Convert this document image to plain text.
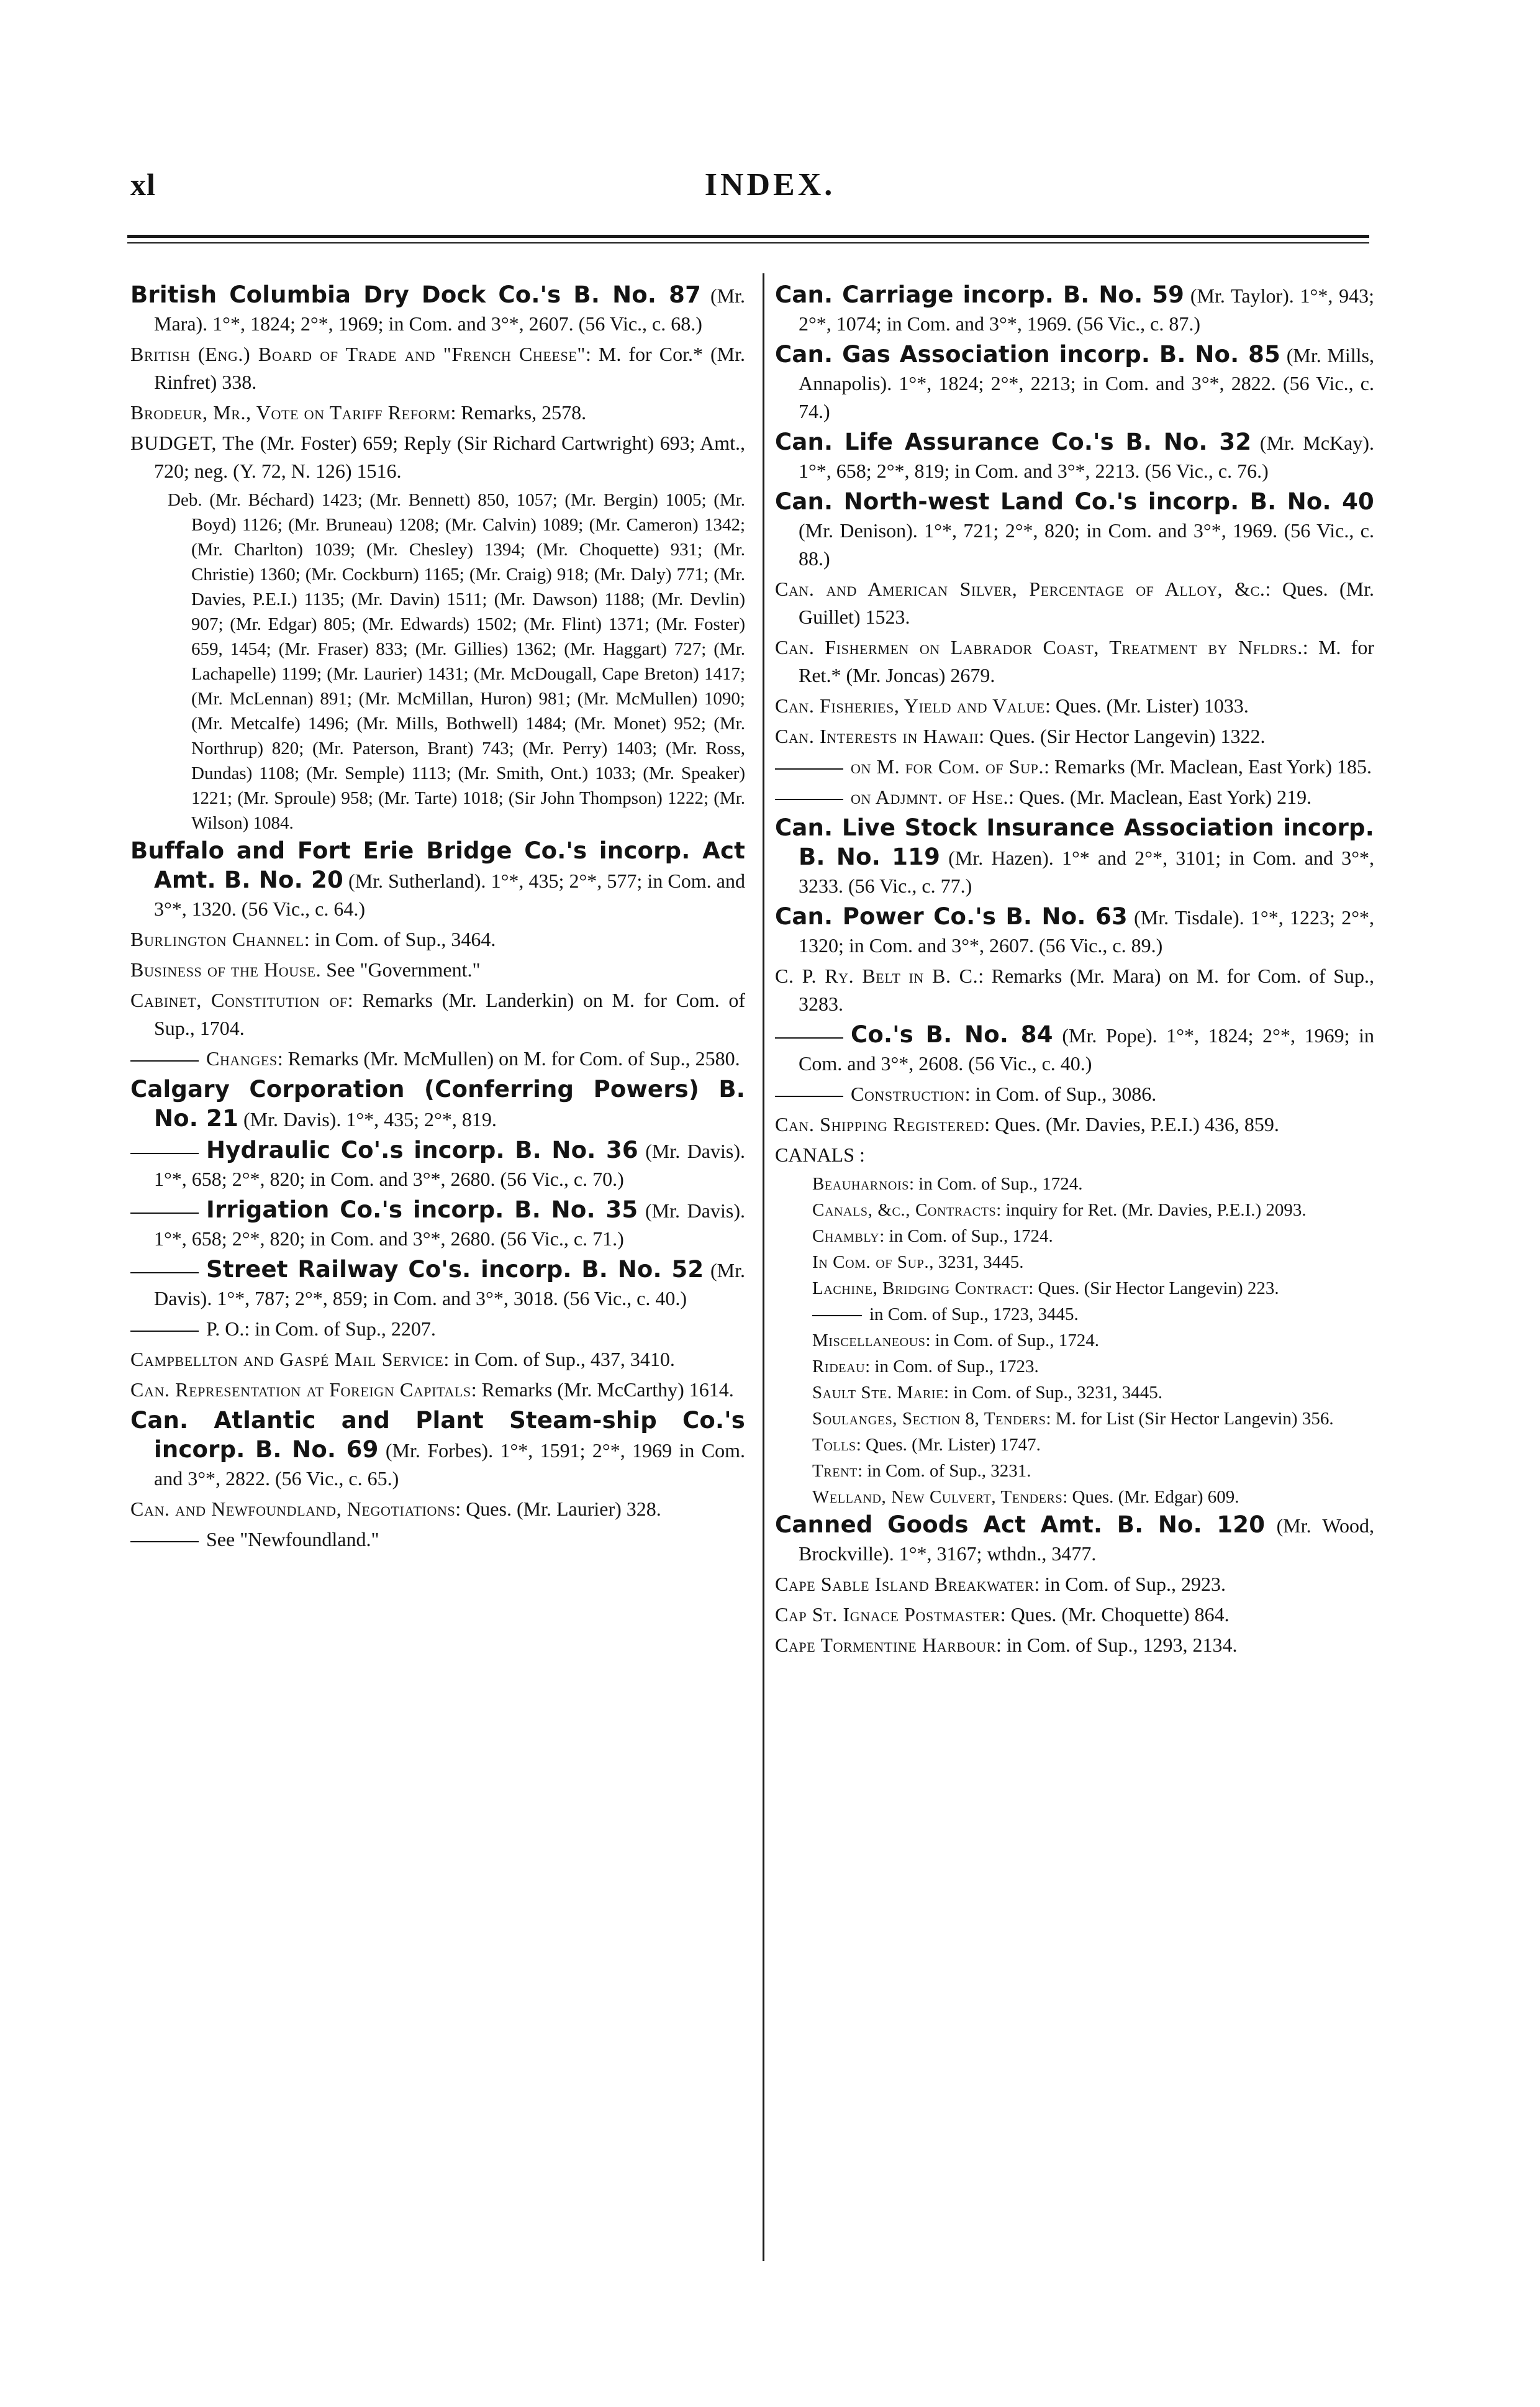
xl	INDEX.

British Columbia Dry Dock Co.'s B. No. 87 (Mr. Mara). 1°*, 1824; 2°*, 1969; in Com. and 3°*, 2607. (56 Vic., c. 68.)

British (Eng.) Board of Trade and "French Cheese": M. for Cor.* (Mr. Rinfret) 338.

Brodeur, Mr., Vote on Tariff Reform: Remarks, 2578.

BUDGET, The (Mr. Foster) 659; Reply (Sir Richard Cartwright) 693; Amt., 720; neg. (Y. 72, N. 126) 1516.

Deb. (Mr. Béchard) 1423; (Mr. Bennett) 850, 1057; (Mr. Bergin) 1005; (Mr. Boyd) 1126; (Mr. Bruneau) 1208; (Mr. Calvin) 1089; (Mr. Cameron) 1342; (Mr. Charlton) 1039; (Mr. Chesley) 1394; (Mr. Choquette) 931; (Mr. Christie) 1360; (Mr. Cockburn) 1165; (Mr. Craig) 918; (Mr. Daly) 771; (Mr. Davies, P.E.I.) 1135; (Mr. Davin) 1511; (Mr. Dawson) 1188; (Mr. Devlin) 907; (Mr. Edgar) 805; (Mr. Edwards) 1502; (Mr. Flint) 1371; (Mr. Foster) 659, 1454; (Mr. Fraser) 833; (Mr. Gillies) 1362; (Mr. Haggart) 727; (Mr. Lachapelle) 1199; (Mr. Laurier) 1431; (Mr. McDougall, Cape Breton) 1417; (Mr. McLennan) 891; (Mr. McMillan, Huron) 981; (Mr. McMullen) 1090; (Mr. Metcalfe) 1496; (Mr. Mills, Bothwell) 1484; (Mr. Monet) 952; (Mr. Northrup) 820; (Mr. Paterson, Brant) 743; (Mr. Perry) 1403; (Mr. Ross, Dundas) 1108; (Mr. Semple) 1113; (Mr. Smith, Ont.) 1033; (Mr. Speaker) 1221; (Mr. Sproule) 958; (Mr. Tarte) 1018; (Sir John Thompson) 1222; (Mr. Wilson) 1084.

Buffalo and Fort Erie Bridge Co.'s incorp. Act Amt. B. No. 20 (Mr. Sutherland). 1°*, 435; 2°*, 577; in Com. and 3°*, 1320. (56 Vic., c. 64.)

Burlington Channel: in Com. of Sup., 3464.

Business of the House. See "Government."

Cabinet, Constitution of: Remarks (Mr. Landerkin) on M. for Com. of Sup., 1704.

Changes: Remarks (Mr. McMullen) on M. for Com. of Sup., 2580.

Calgary Corporation (Conferring Powers) B. No. 21 (Mr. Davis). 1°*, 435; 2°*, 819.

Hydraulic Co'.s incorp. B. No. 36 (Mr. Davis). 1°*, 658; 2°*, 820; in Com. and 3°*, 2680. (56 Vic., c. 70.)

Irrigation Co.'s incorp. B. No. 35 (Mr. Davis). 1°*, 658; 2°*, 820; in Com. and 3°*, 2680. (56 Vic., c. 71.)

Street Railway Co's. incorp. B. No. 52 (Mr. Davis). 1°*, 787; 2°*, 859; in Com. and 3°*, 3018. (56 Vic., c. 40.)

P. O.: in Com. of Sup., 2207.

Campbellton and Gaspé Mail Service: in Com. of Sup., 437, 3410.

Can. Representation at Foreign Capitals: Remarks (Mr. McCarthy) 1614.

Can. Atlantic and Plant Steam-ship Co.'s incorp. B. No. 69 (Mr. Forbes). 1°*, 1591; 2°*, 1969 in Com. and 3°*, 2822. (56 Vic., c. 65.)

Can. and Newfoundland, Negotiations: Ques. (Mr. Laurier) 328.

See "Newfoundland."

Can. Carriage incorp. B. No. 59 (Mr. Taylor). 1°*, 943; 2°*, 1074; in Com. and 3°*, 1969. (56 Vic., c. 87.)

Can. Gas Association incorp. B. No. 85 (Mr. Mills, Annapolis). 1°*, 1824; 2°*, 2213; in Com. and 3°*, 2822. (56 Vic., c. 74.)

Can. Life Assurance Co.'s B. No. 32 (Mr. McKay). 1°*, 658; 2°*, 819; in Com. and 3°*, 2213. (56 Vic., c. 76.)

Can. North-west Land Co.'s incorp. B. No. 40 (Mr. Denison). 1°*, 721; 2°*, 820; in Com. and 3°*, 1969. (56 Vic., c. 88.)

Can. and American Silver, Percentage of Alloy, &c.: Ques. (Mr. Guillet) 1523.

Can. Fishermen on Labrador Coast, Treatment by Nfldrs.: M. for Ret.* (Mr. Joncas) 2679.

Can. Fisheries, Yield and Value: Ques. (Mr. Lister) 1033.

Can. Interests in Hawaii: Ques. (Sir Hector Langevin) 1322.

on M. for Com. of Sup.: Remarks (Mr. Maclean, East York) 185.

on Adjmnt. of Hse.: Ques. (Mr. Maclean, East York) 219.

Can. Live Stock Insurance Association incorp. B. No. 119 (Mr. Hazen). 1°* and 2°*, 3101; in Com. and 3°*, 3233. (56 Vic., c. 77.)

Can. Power Co.'s B. No. 63 (Mr. Tisdale). 1°*, 1223; 2°*, 1320; in Com. and 3°*, 2607. (56 Vic., c. 89.)

C. P. Ry. Belt in B. C.: Remarks (Mr. Mara) on M. for Com. of Sup., 3283.

Co.'s B. No. 84 (Mr. Pope). 1°*, 1824; 2°*, 1969; in Com. and 3°*, 2608. (56 Vic., c. 40.)

Construction: in Com. of Sup., 3086.

Can. Shipping Registered: Ques. (Mr. Davies, P.E.I.) 436, 859.

CANALS :

Beauharnois: in Com. of Sup., 1724.

Canals, &c., Contracts: inquiry for Ret. (Mr. Davies, P.E.I.) 2093.

Chambly: in Com. of Sup., 1724.

In Com. of Sup., 3231, 3445.

Lachine, Bridging Contract: Ques. (Sir Hector Langevin) 223.

in Com. of Sup., 1723, 3445.

Miscellaneous: in Com. of Sup., 1724.

Rideau: in Com. of Sup., 1723.

Sault Ste. Marie: in Com. of Sup., 3231, 3445.

Soulanges, Section 8, Tenders: M. for List (Sir Hector Langevin) 356.

Tolls: Ques. (Mr. Lister) 1747.

Trent: in Com. of Sup., 3231.

Welland, New Culvert, Tenders: Ques. (Mr. Edgar) 609.

Canned Goods Act Amt. B. No. 120 (Mr. Wood, Brockville). 1°*, 3167; wthdn., 3477.

Cape Sable Island Breakwater: in Com. of Sup., 2923.

Cap St. Ignace Postmaster: Ques. (Mr. Choquette) 864.

Cape Tormentine Harbour: in Com. of Sup., 1293, 2134.
